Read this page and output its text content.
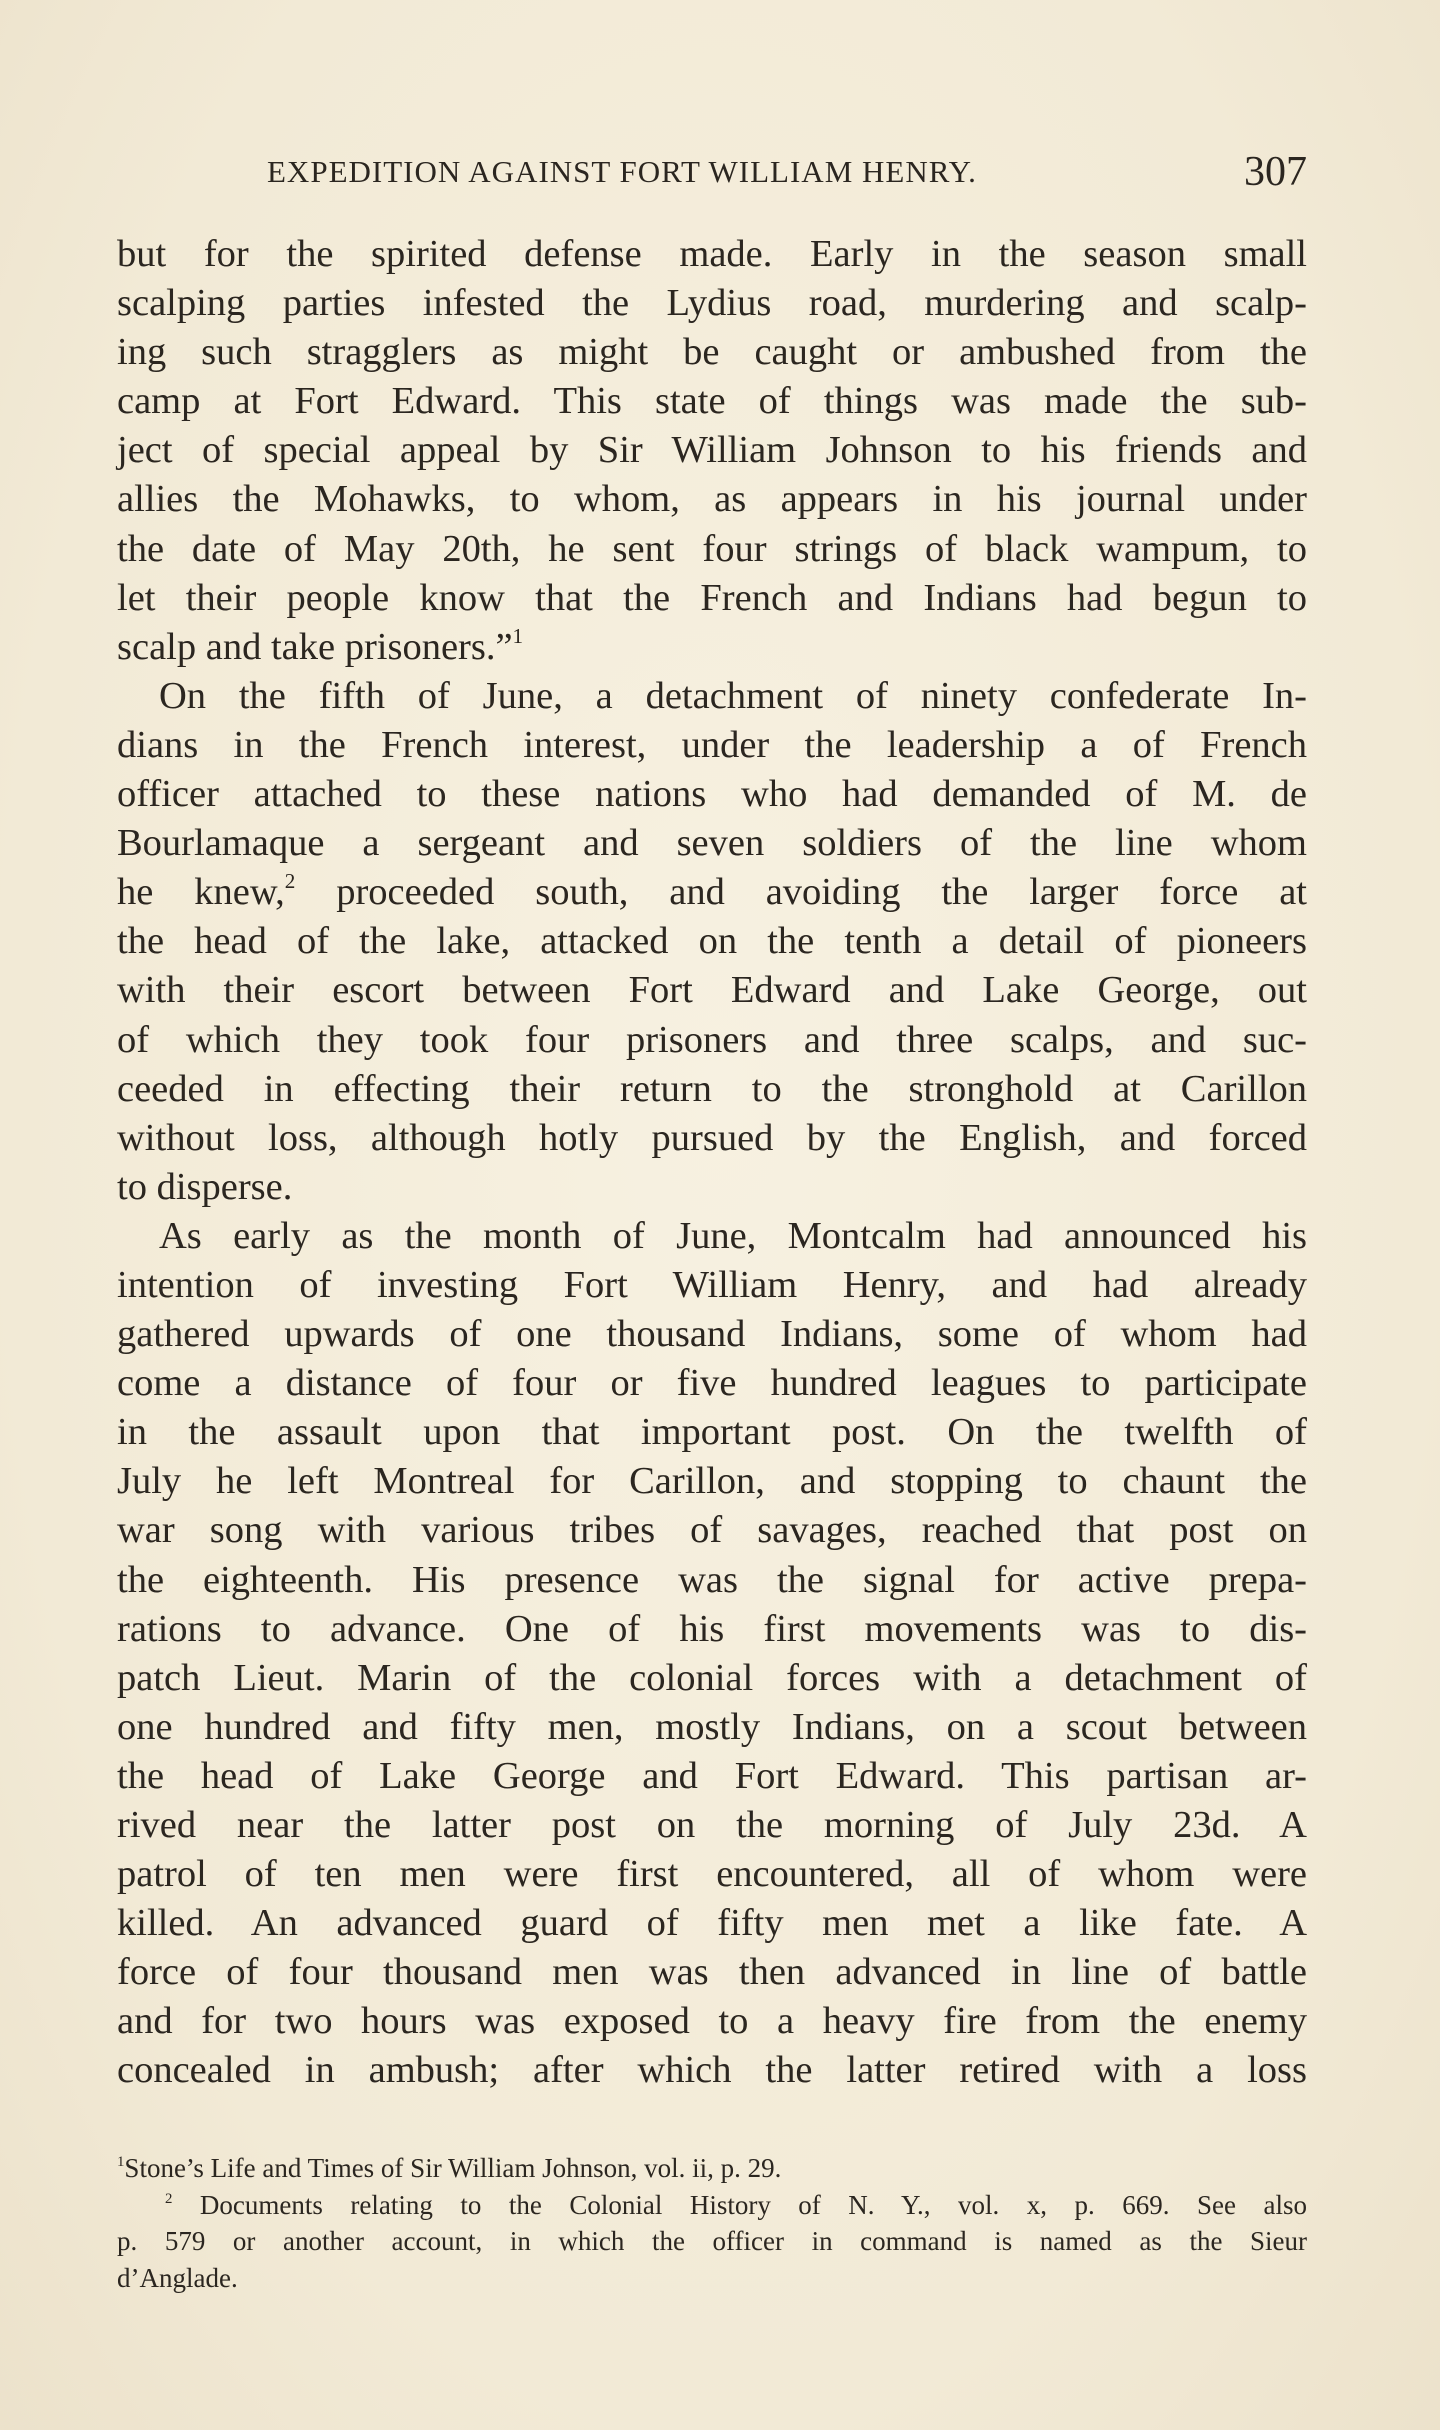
EXPEDITION AGAINST FORT WILLIAM HENRY.	307
but for the spirited defense made. Early in the season small
scalping parties infested the Lydius road, murdering and scalp-
ing such stragglers as might be caught or ambushed from the
camp at Fort Edward. This state of things was made the sub-
ject of special appeal by Sir William Johnson to his friends and
allies the Mohawks, to whom, as appears in his journal under
the date of May 20th, he sent four strings of black wampum, to
let their people know that the French and Indians had begun to
scalp and take prisoners.”$^1$
On the fifth of June, a detachment of ninety confederate In-
dians in the French interest, under the leadership a of French
officer attached to these nations who had demanded of M. de
Bourlamaque a sergeant and seven soldiers of the line whom
he knew,$^2$ proceeded south, and avoiding the larger force at
the head of the lake, attacked on the tenth a detail of pioneers
with their escort between Fort Edward and Lake George, out
of which they took four prisoners and three scalps, and suc-
ceeded in effecting their return to the stronghold at Carillon
without loss, although hotly pursued by the English, and forced
to disperse.
As early as the month of June, Montcalm had announced his
intention of investing Fort William Henry, and had already
gathered upwards of one thousand Indians, some of whom had
come a distance of four or five hundred leagues to participate
in the assault upon that important post. On the twelfth of
July he left Montreal for Carillon, and stopping to chaunt the
war song with various tribes of savages, reached that post on
the eighteenth. His presence was the signal for active prepa-
rations to advance. One of his first movements was to dis-
patch Lieut. Marin of the colonial forces with a detachment of
one hundred and fifty men, mostly Indians, on a scout between
the head of Lake George and Fort Edward. This partisan ar-
rived near the latter post on the morning of July 23d. A
patrol of ten men were first encountered, all of whom were
killed. An advanced guard of fifty men met a like fate. A
force of four thousand men was then advanced in line of battle
and for two hours was exposed to a heavy fire from the enemy
concealed in ambush; after which the latter retired with a loss
$^1$Stone’s Life and Times of Sir William Johnson, vol. ii, p. 29.
$^2$ Documents relating to the Colonial History of N. Y., vol. x, p. 669. See also
p. 579 or another account, in which the officer in command is named as the Sieur
d’Anglade.
